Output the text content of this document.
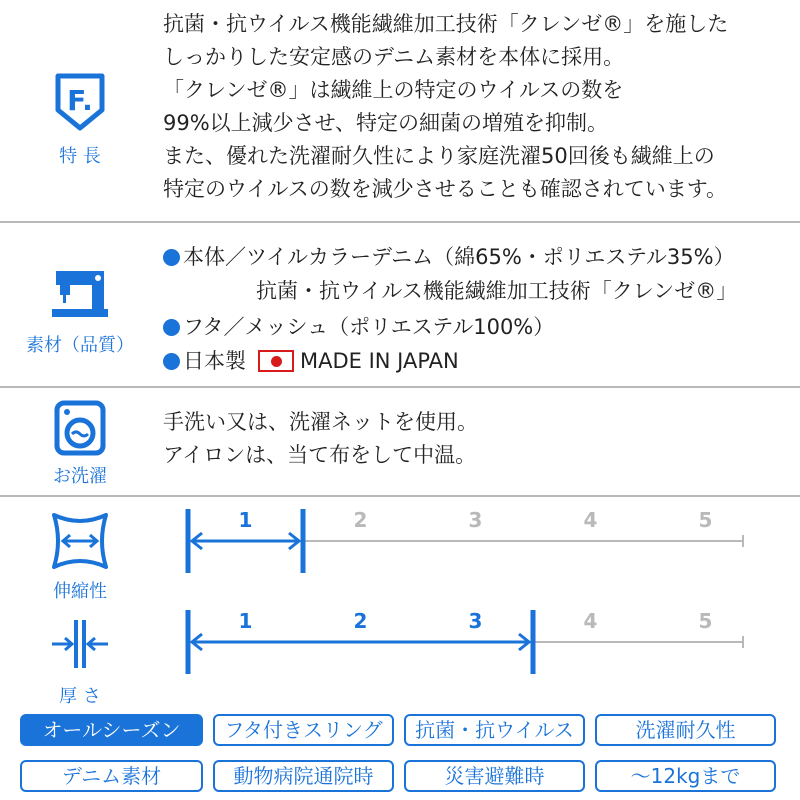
F.
特 長
抗菌・抗ウイルス機能繊維加工技術「クレンゼ®」を施した
しっかりした安定感のデニム素材を本体に採用。
「クレンゼ®」は繊維上の特定のウイルスの数を
99%以上減少させ、特定の細菌の増殖を抑制。
また、優れた洗濯耐久性により家庭洗濯50回後も繊維上の
特定のウイルスの数を減少させることも確認されています。
素材（品質）
本体／ツイルカラーデニム（綿65%・ポリエステル35%）
抗菌・抗ウイルス機能繊維加工技術「クレンゼ®」
フタ／メッシュ（ポリエステル100%）
日本製	MADE IN JAPAN
お洗濯
手洗い又は、洗濯ネットを使用。
アイロンは、当て布をして中温。
伸縮性
1	2	3	4	5
厚 さ
1	2	3	4	5
オールシーズン	フタ付きスリング	抗菌・抗ウイルス	洗濯耐久性
デニム素材	動物病院通院時	災害避難時	～12kgまで
